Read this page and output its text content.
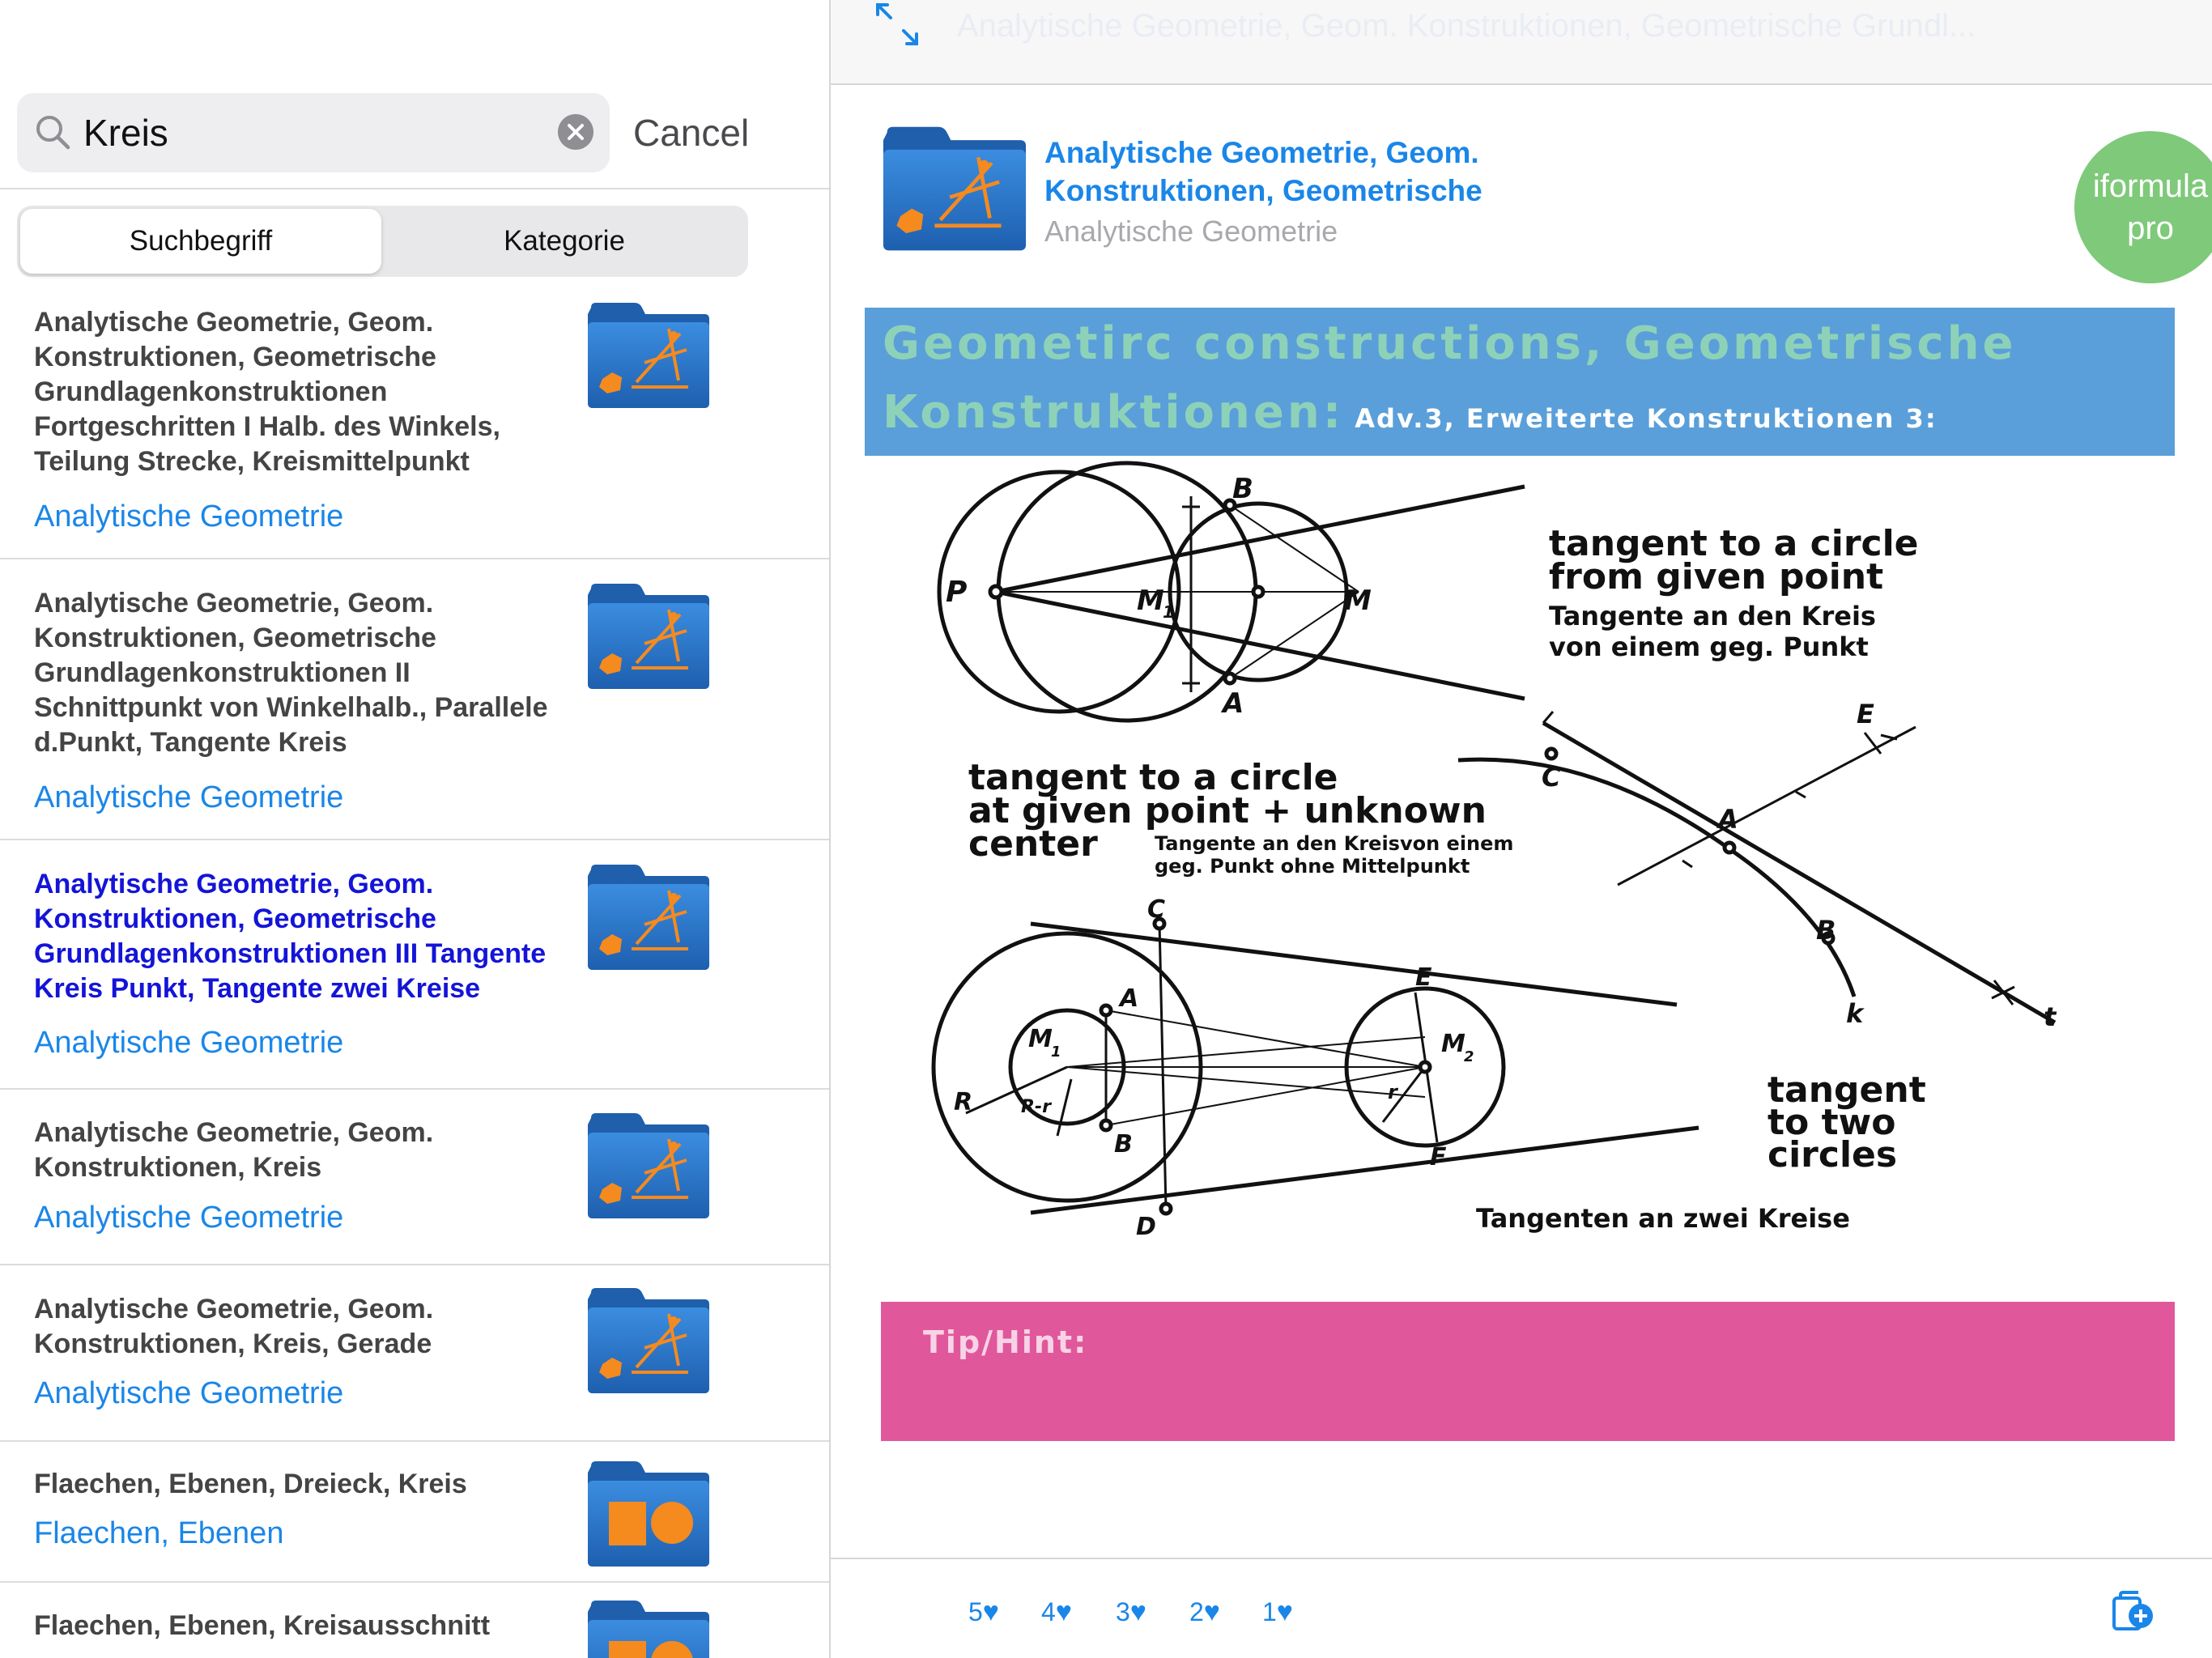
Kreis
Cancel
Suchbegriff	Kategorie
Analytische Geometrie, Geom. Konstruktionen, Geometrische Grundlagenkonstruktionen Fortgeschritten I Halb. des Winkels, Teilung Strecke, Kreismittelpunkt
Analytische Geometrie
Analytische Geometrie, Geom. Konstruktionen, Geometrische Grundlagenkonstruktionen II Schnittpunkt von Winkelhalb., Parallele d.Punkt, Tangente Kreis
Analytische Geometrie
Analytische Geometrie, Geom. Konstruktionen, Geometrische Grundlagenkonstruktionen III Tangente Kreis Punkt, Tangente zwei Kreise
Analytische Geometrie
Analytische Geometrie, Geom. Konstruktionen, Kreis
Analytische Geometrie
Analytische Geometrie, Geom. Konstruktionen, Kreis, Gerade
Analytische Geometrie
Flaechen, Ebenen, Dreieck, Kreis
Flaechen, Ebenen
Flaechen, Ebenen, Kreisausschnitt
Analytische Geometrie, Geom. Konstruktionen, Geometrische Grundl...
Analytische Geometrie, Geom. Konstruktionen, Geometrische
Analytische Geometrie
iformula pro
Geometirc constructions, Geometrische
Konstruktionen: Adv.3, Erweiterte Konstruktionen 3:
P
B
A
M
M
1
C
A
E
B
k	t
C
A
B
D
E
F
R	R-r
r
M
1	M
2
tangent to a circle
from given point
Tangente an den Kreis
von einem geg. Punkt
tangent to a circle
at given point + unknown
center	Tangente an den Kreisvon einem
geg. Punkt ohne Mittelpunkt
tangent
to two
circles
Tangenten an zwei Kreise
Tip/Hint:
5♥ 4♥ 3♥ 2♥ 1♥
